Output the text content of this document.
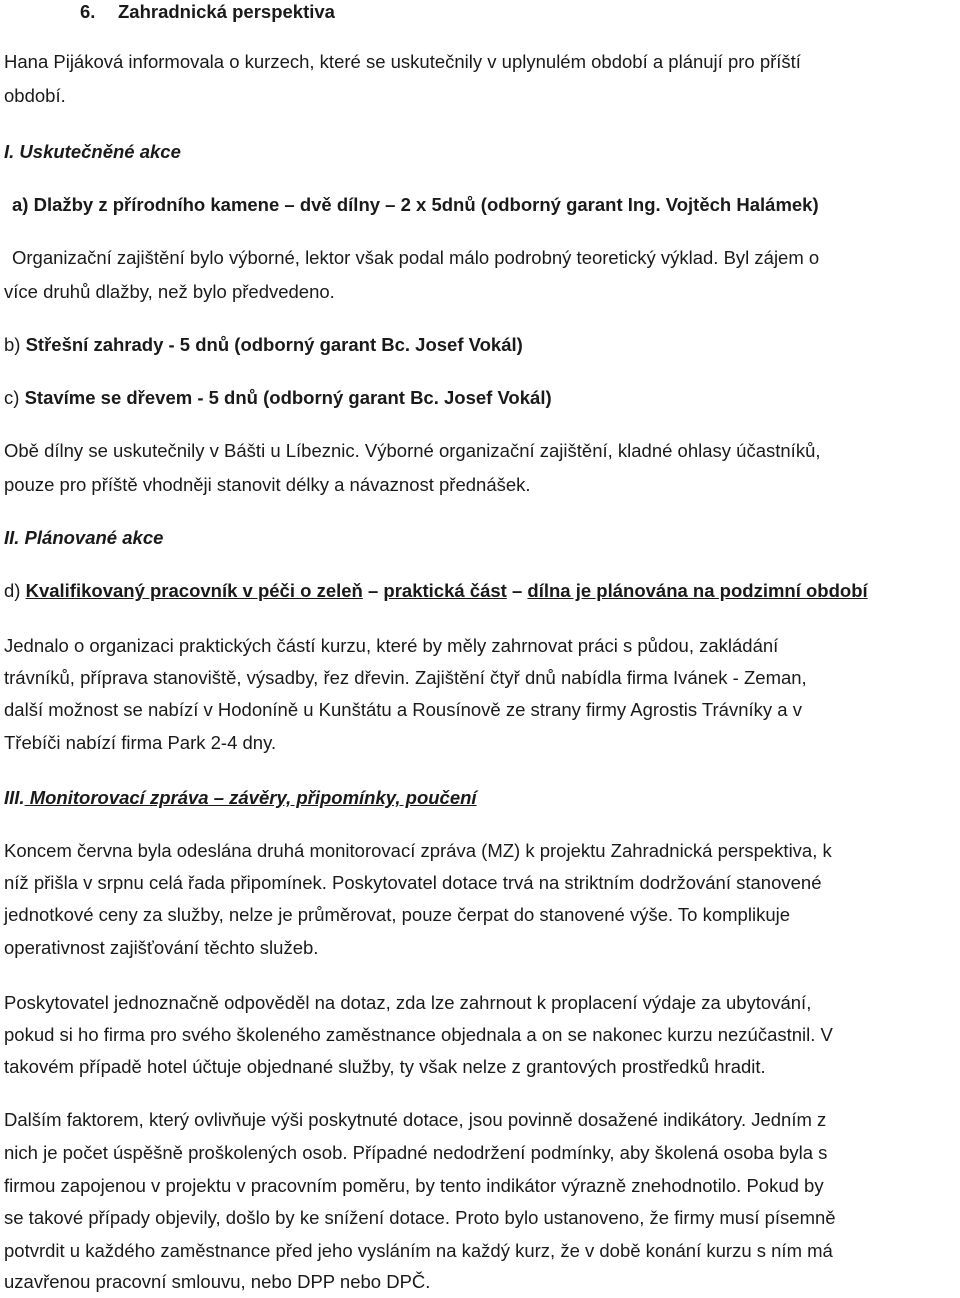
6. Zahradnická perspektiva
Hana Pijáková informovala o kurzech, které se uskutečnily v uplynulém období a plánují pro příští
období.
I. Uskutečněné akce
a) Dlažby z přírodního kamene – dvě dílny – 2 x 5dnů (odborný garant Ing. Vojtěch Halámek)
Organizační zajištění bylo výborné, lektor však podal málo podrobný teoretický výklad. Byl zájem o
více druhů dlažby, než bylo předvedeno.
b) Střešní zahrady - 5 dnů (odborný garant Bc. Josef Vokál)
c) Stavíme se dřevem - 5 dnů (odborný garant Bc. Josef Vokál)
Obě dílny se uskutečnily v Bášti u Líbeznic. Výborné organizační zajištění, kladné ohlasy účastníků,
pouze pro příště vhodněji stanovit délky a návaznost přednášek.
II. Plánované akce
d) Kvalifikovaný pracovník v péči o zeleň – praktická část – dílna je plánována na podzimní období
Jednalo o organizaci praktických částí kurzu, které by měly zahrnovat práci s půdou, zakládání
trávníků, příprava stanoviště, výsadby, řez dřevin. Zajištění čtyř dnů nabídla firma Ivánek - Zeman,
další možnost se nabízí v Hodoníně u Kunštátu a Rousínově ze strany firmy Agrostis Trávníky a v
Třebíči nabízí firma Park 2-4 dny.
III. Monitorovací zpráva – závěry, připomínky, poučení
Koncem června byla odeslána druhá monitorovací zpráva (MZ) k projektu Zahradnická perspektiva, k
níž přišla v srpnu celá řada připomínek. Poskytovatel dotace trvá na striktním dodržování stanovené
jednotkové ceny za služby, nelze je průměrovat, pouze čerpat do stanovené výše. To komplikuje
operativnost zajišťování těchto služeb.
Poskytovatel jednoznačně odpověděl na dotaz, zda lze zahrnout k proplacení výdaje za ubytování,
pokud si ho firma pro svého školeného zaměstnance objednala a on se nakonec kurzu nezúčastnil. V
takovém případě hotel účtuje objednané služby, ty však nelze z grantových prostředků hradit.
Dalším faktorem, který ovlivňuje výši poskytnuté dotace, jsou povinně dosažené indikátory. Jedním z
nich je počet úspěšně proškolených osob. Případné nedodržení podmínky, aby školená osoba byla s
firmou zapojenou v projektu v pracovním poměru, by tento indikátor výrazně znehodnotilo. Pokud by
se takové případy objevily, došlo by ke snížení dotace. Proto bylo ustanoveno, že firmy musí písemně
potvrdit u každého zaměstnance před jeho vysláním na každý kurz, že v době konání kurzu s ním má
uzavřenou pracovní smlouvu, nebo DPP nebo DPČ.
